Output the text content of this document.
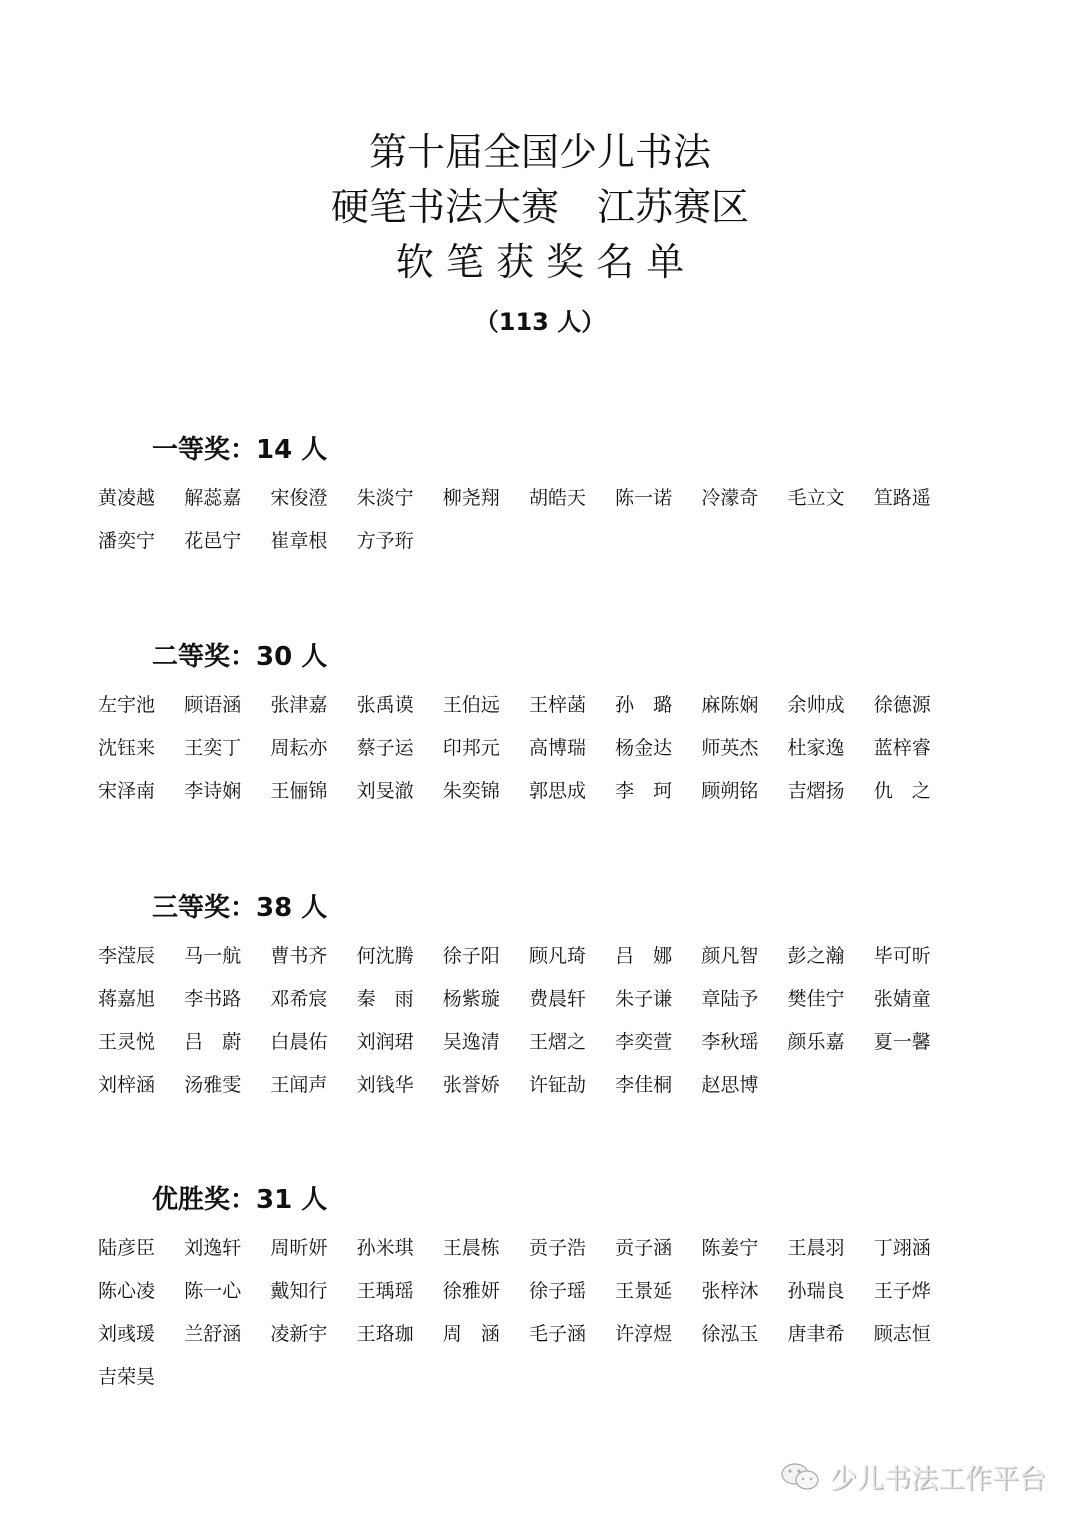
第十届全国少儿书法
硬笔书法大赛　江苏赛区
软 笔 获 奖 名 单
（113 人）
一等奖：14 人
黄凌越 解蕊嘉 宋俊澄 朱淡宁 柳尧翔 胡皓天 陈一诺 冷濛奇 毛立文 笪路遥
潘奕宁 花邑宁 崔章根 方予珩
二等奖：30 人
左宇池 顾语涵 张津嘉 张禹谟 王伯远 王梓菡 孙　璐 麻陈娴 余帅成 徐德源
沈钰来 王奕丁 周耘亦 蔡子运 印邦元 高博瑞 杨金达 师英杰 杜家逸 蓝梓睿
宋泽南 李诗娴 王俪锦 刘旻澈 朱奕锦 郭思成 李　珂 顾朔铭 吉熠扬 仇　之
三等奖：38 人
李滢辰 马一航 曹书齐 何沈腾 徐子阳 顾凡琦 吕　娜 颜凡智 彭之瀚 毕可昕
蒋嘉旭 李书路 邓希宸 秦　雨 杨紫璇 费晨轩 朱子谦 章陆予 樊佳宁 张婧童
王灵悦 吕　蔚 白晨佑 刘润珺 吴逸清 王熠之 李奕萱 李秋瑶 颜乐嘉 夏一馨
刘梓涵 汤雅雯 王闻声 刘钱华 张誉娇 许钲劼 李佳桐 赵思博
优胜奖：31 人
陆彦臣 刘逸轩 周昕妍 孙米琪 王晨栋 贡子浩 贡子涵 陈姜宁 王晨羽 丁翊涵
陈心凌 陈一心 戴知行 王瑀瑶 徐雅妍 徐子瑶 王景延 张梓沐 孙瑞良 王子烨
刘彧瑗 兰舒涵 凌新宇 王珞珈 周　涵 毛子涵 许淳煜 徐泓玉 唐聿希 顾志恒
吉荣昊
少儿书法工作平台
